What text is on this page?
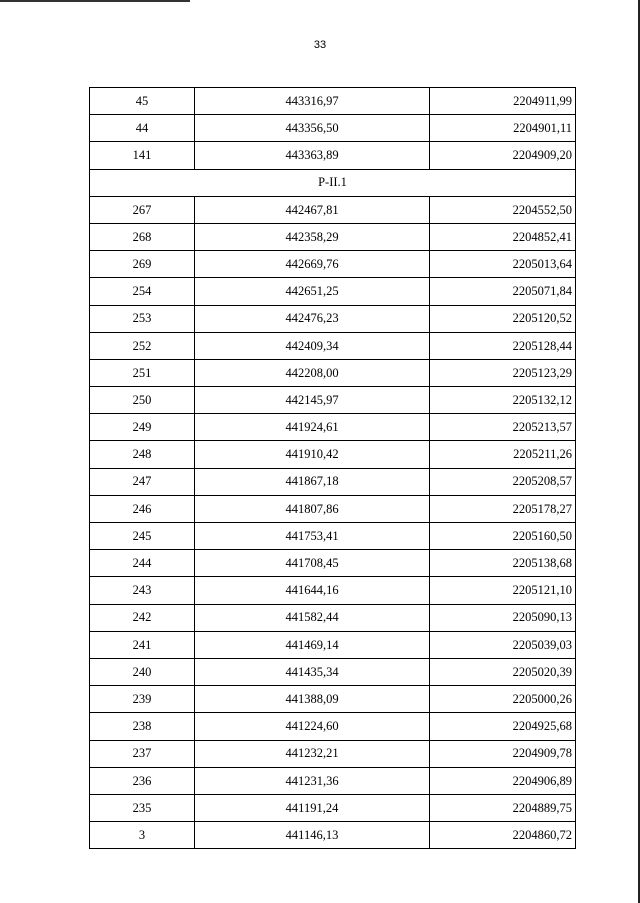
33
45	443316,97	2204911,99
44	443356,50	2204901,11
141	443363,89	2204909,20
Р-II.1		
267	442467,81	2204552,50
268	442358,29	2204852,41
269	442669,76	2205013,64
254	442651,25	2205071,84
253	442476,23	2205120,52
252	442409,34	2205128,44
251	442208,00	2205123,29
250	442145,97	2205132,12
249	441924,61	2205213,57
248	441910,42	2205211,26
247	441867,18	2205208,57
246	441807,86	2205178,27
245	441753,41	2205160,50
244	441708,45	2205138,68
243	441644,16	2205121,10
242	441582,44	2205090,13
241	441469,14	2205039,03
240	441435,34	2205020,39
239	441388,09	2205000,26
238	441224,60	2204925,68
237	441232,21	2204909,78
236	441231,36	2204906,89
235	441191,24	2204889,75
3	441146,13	2204860,72
